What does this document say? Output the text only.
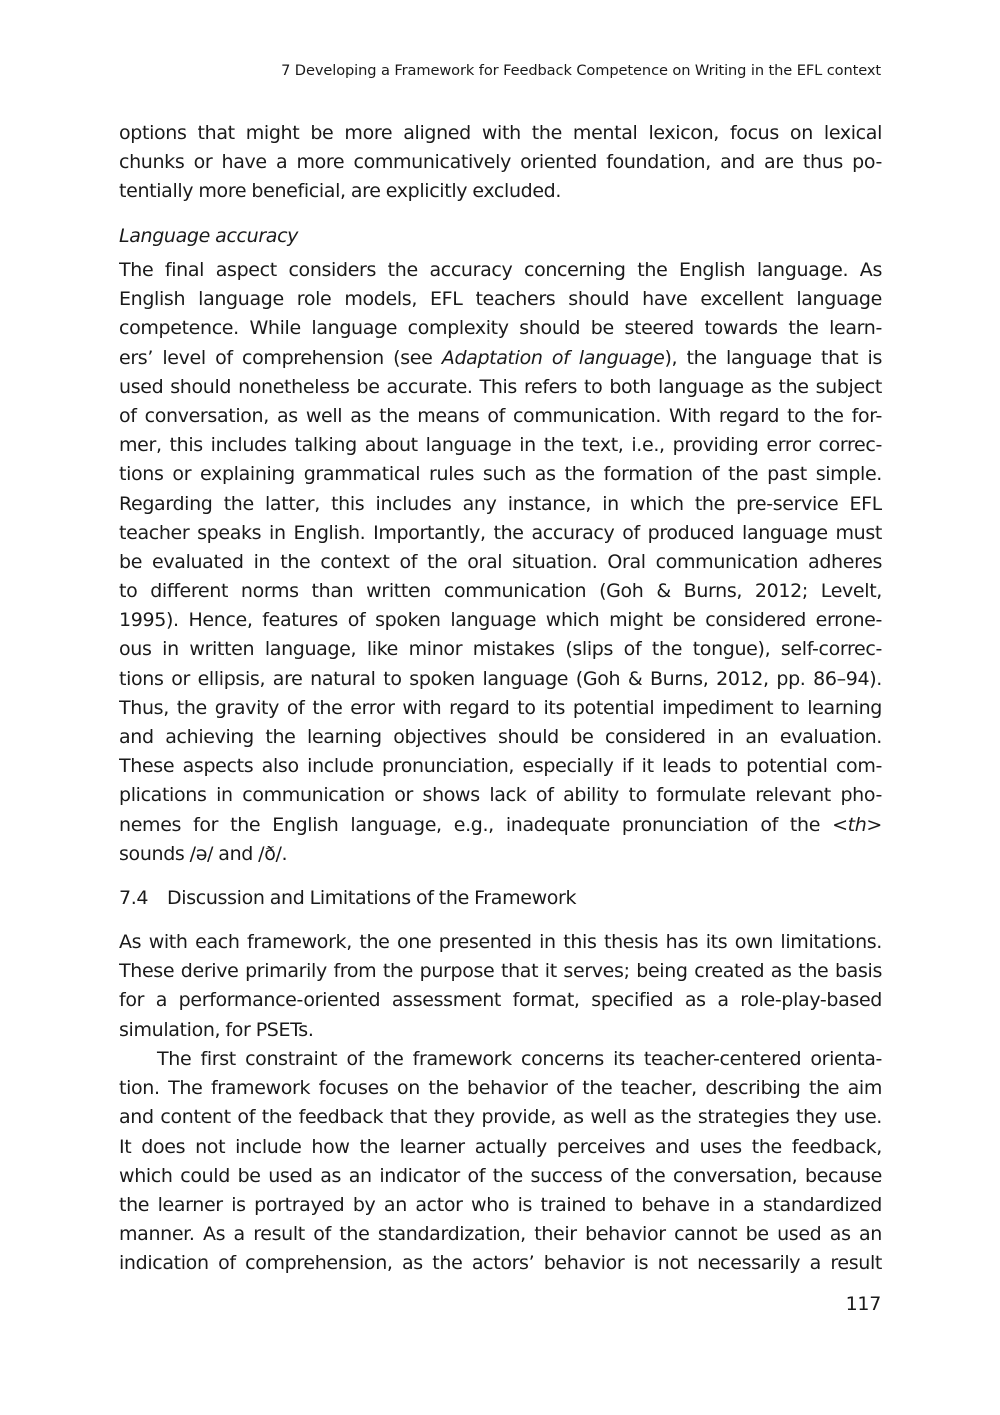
7 Developing a Framework for Feedback Competence on Writing in the EFL context
options that might be more aligned with the mental lexicon, focus on lexical
chunks or have a more communicatively oriented foundation, and are thus po-
tentially more beneficial, are explicitly excluded.
Language accuracy
The final aspect considers the accuracy concerning the English language. As
English language role models, EFL teachers should have excellent language
competence. While language complexity should be steered towards the learn-
ers’ level of comprehension (see Adaptation of language), the language that is
used should nonetheless be accurate. This refers to both language as the subject
of conversation, as well as the means of communication. With regard to the for-
mer, this includes talking about language in the text, i.e., providing error correc-
tions or explaining grammatical rules such as the formation of the past simple.
Regarding the latter, this includes any instance, in which the pre-service EFL
teacher speaks in English. Importantly, the accuracy of produced language must
be evaluated in the context of the oral situation. Oral communication adheres
to different norms than written communication (Goh & Burns, 2012; Levelt,
1995). Hence, features of spoken language which might be considered errone-
ous in written language, like minor mistakes (slips of the tongue), self-correc-
tions or ellipsis, are natural to spoken language (Goh & Burns, 2012, pp. 86–94).
Thus, the gravity of the error with regard to its potential impediment to learning
and achieving the learning objectives should be considered in an evaluation.
These aspects also include pronunciation, especially if it leads to potential com-
plications in communication or shows lack of ability to formulate relevant pho-
nemes for the English language, e.g., inadequate pronunciation of the <th>
sounds /ə/ and /ð/.
7.4 Discussion and Limitations of the Framework
As with each framework, the one presented in this thesis has its own limitations.
These derive primarily from the purpose that it serves; being created as the basis
for a performance-oriented assessment format, specified as a role-play-based
simulation, for PSETs.
The first constraint of the framework concerns its teacher-centered orienta-
tion. The framework focuses on the behavior of the teacher, describing the aim
and content of the feedback that they provide, as well as the strategies they use.
It does not include how the learner actually perceives and uses the feedback,
which could be used as an indicator of the success of the conversation, because
the learner is portrayed by an actor who is trained to behave in a standardized
manner. As a result of the standardization, their behavior cannot be used as an
indication of comprehension, as the actors’ behavior is not necessarily a result
117
